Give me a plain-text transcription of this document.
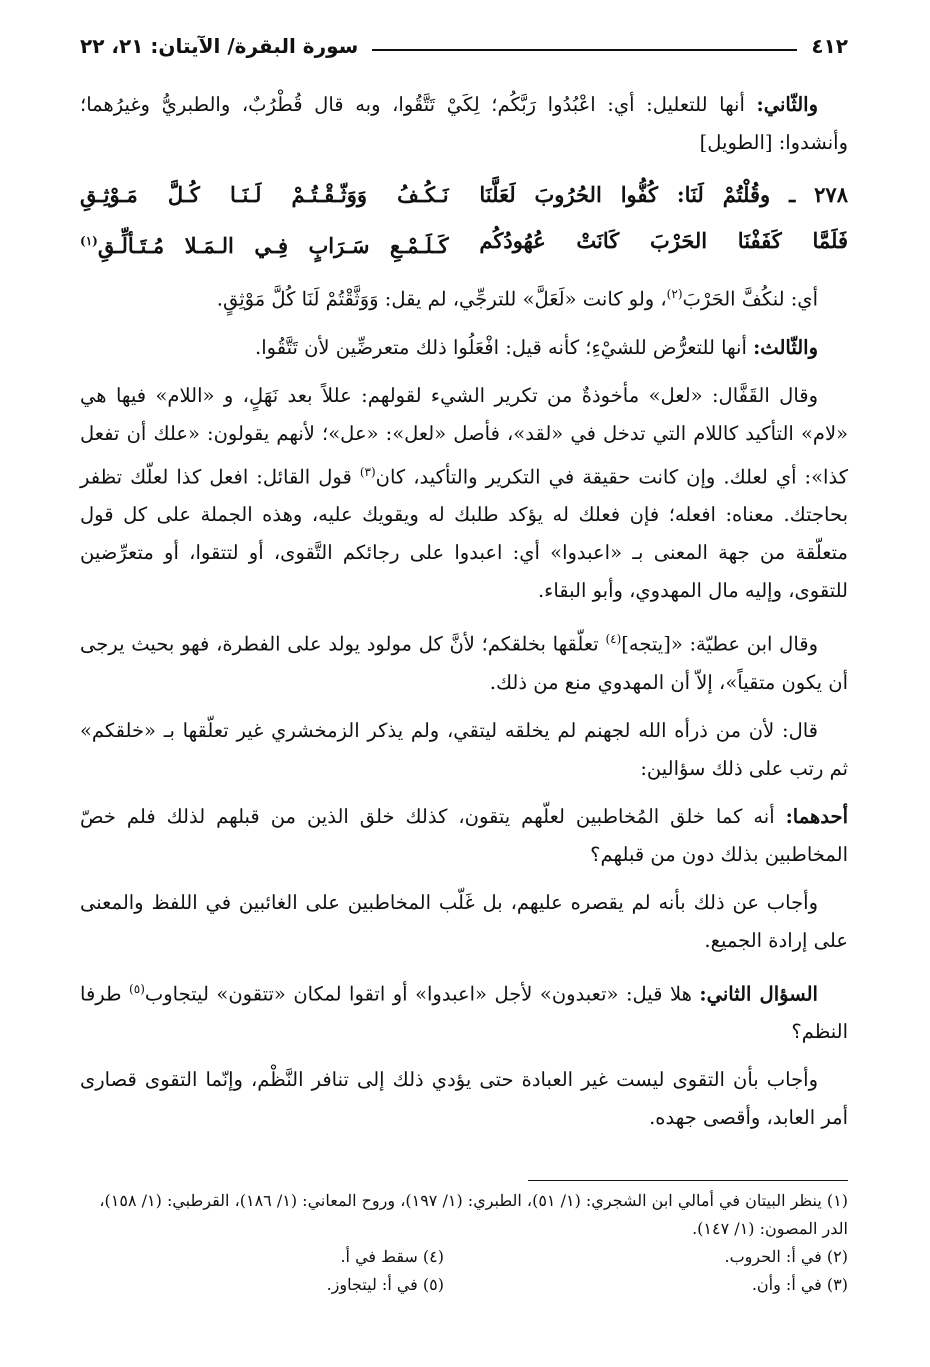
٤١٢
سورة البقرة/ الآيتان: ٢١، ٢٢

والثّاني: أنها للتعليل: أي: اعْبُدُوا رَبَّكُم؛ لِكَيْ تَتَّقُوا، وبه قال قُطْرُبٌ، والطبريُّ وغيرُهما؛ وأنشدوا: [الطويل]

٢٧٨ ـ وقُلْتُمْ لَنَا: كُفُّوا الحُرُوبَ لَعَلَّنَا
نَـكُـفُ وَوَثّـقْـتُـمْ لَـنَـا كُـلَّ مَـوْثِـقِ
فَلَمَّا كَفَفْنَا الحَرْبَ كَانَتْ عُهُودُكُم
كَـلَـمْـعِ سَـرَابٍ فِـي الـمَـلا مُـتَـألِّـقِ$^{(١)}$

أي: لنكُفَّ الحَرْبَ$^{(٢)}$، ولو كانت «لَعَلَّ» للترجِّي، لم يقل: وَوَثَّقْتُمْ لَنَا كُلَّ مَوْثِقٍ.

والثّالث: أنها للتعرُّض للشيْءِ؛ كأنه قيل: افْعَلُوا ذلك متعرضِّين لأن تَتَّقُوا.

وقال القَفَّال: «لعل» مأخوذةٌ من تكرير الشيء لقولهم: عللاً بعد نَهَلٍ، و «اللام» فيها هي «لام» التأكيد كاللام التي تدخل في «لقد»، فأصل «لعل»: «عل»؛ لأنهم يقولون: «علك أن تفعل كذا»: أي لعلك. وإن كانت حقيقة في التكرير والتأكيد، كان$^{(٣)}$ قول القائل: افعل كذا لعلّك تظفر بحاجتك. معناه: افعله؛ فإن فعلك له يؤكد طلبك له ويقويك عليه، وهذه الجملة على كل قول متعلّقة من جهة المعنى بـ «اعبدوا» أي: اعبدوا على رجائكم التَّقوى، أو لتتقوا، أو متعرِّضين للتقوى، وإليه مال المهدوي، وأبو البقاء.

وقال ابن عطيّة: «[يتجه]$^{(٤)}$ تعلّقها بخلقكم؛ لأنَّ كل مولود يولد على الفطرة، فهو بحيث يرجى أن يكون متقياً»، إلاّ أن المهدوي منع من ذلك.

قال: لأن من ذرأه الله لجهنم لم يخلقه ليتقي، ولم يذكر الزمخشري غير تعلّقها بـ «خلقكم» ثم رتب على ذلك سؤالين:

أحدهما: أنه كما خلق المُخاطبين لعلّهم يتقون، كذلك خلق الذين من قبلهم لذلك فلم خصّ المخاطبين بذلك دون من قبلهم؟

وأجاب عن ذلك بأنه لم يقصره عليهم، بل غَلّب المخاطبين على الغائبين في اللفظ والمعنى على إرادة الجميع.

السؤال الثاني: هلا قيل: «تعبدون» لأجل «اعبدوا» أو اتقوا لمكان «تتقون» ليتجاوب$^{(٥)}$ طرفا النظم؟

وأجاب بأن التقوى ليست غير العبادة حتى يؤدي ذلك إلى تنافر النَّظْم، وإنّما التقوى قصارى أمر العابد، وأقصى جهده.

(١) ينظر البيتان في أمالي ابن الشجري: (١/ ٥١)، الطبري: (١/ ١٩٧)، وروح المعاني: (١/ ١٨٦)، القرطبي: (١/ ١٥٨)، الدر المصون: (١/ ١٤٧).

(٢) في أ: الحروب.

(٤) سقط في أ.

(٣) في أ: وأن.

(٥) في أ: ليتجاوز.
